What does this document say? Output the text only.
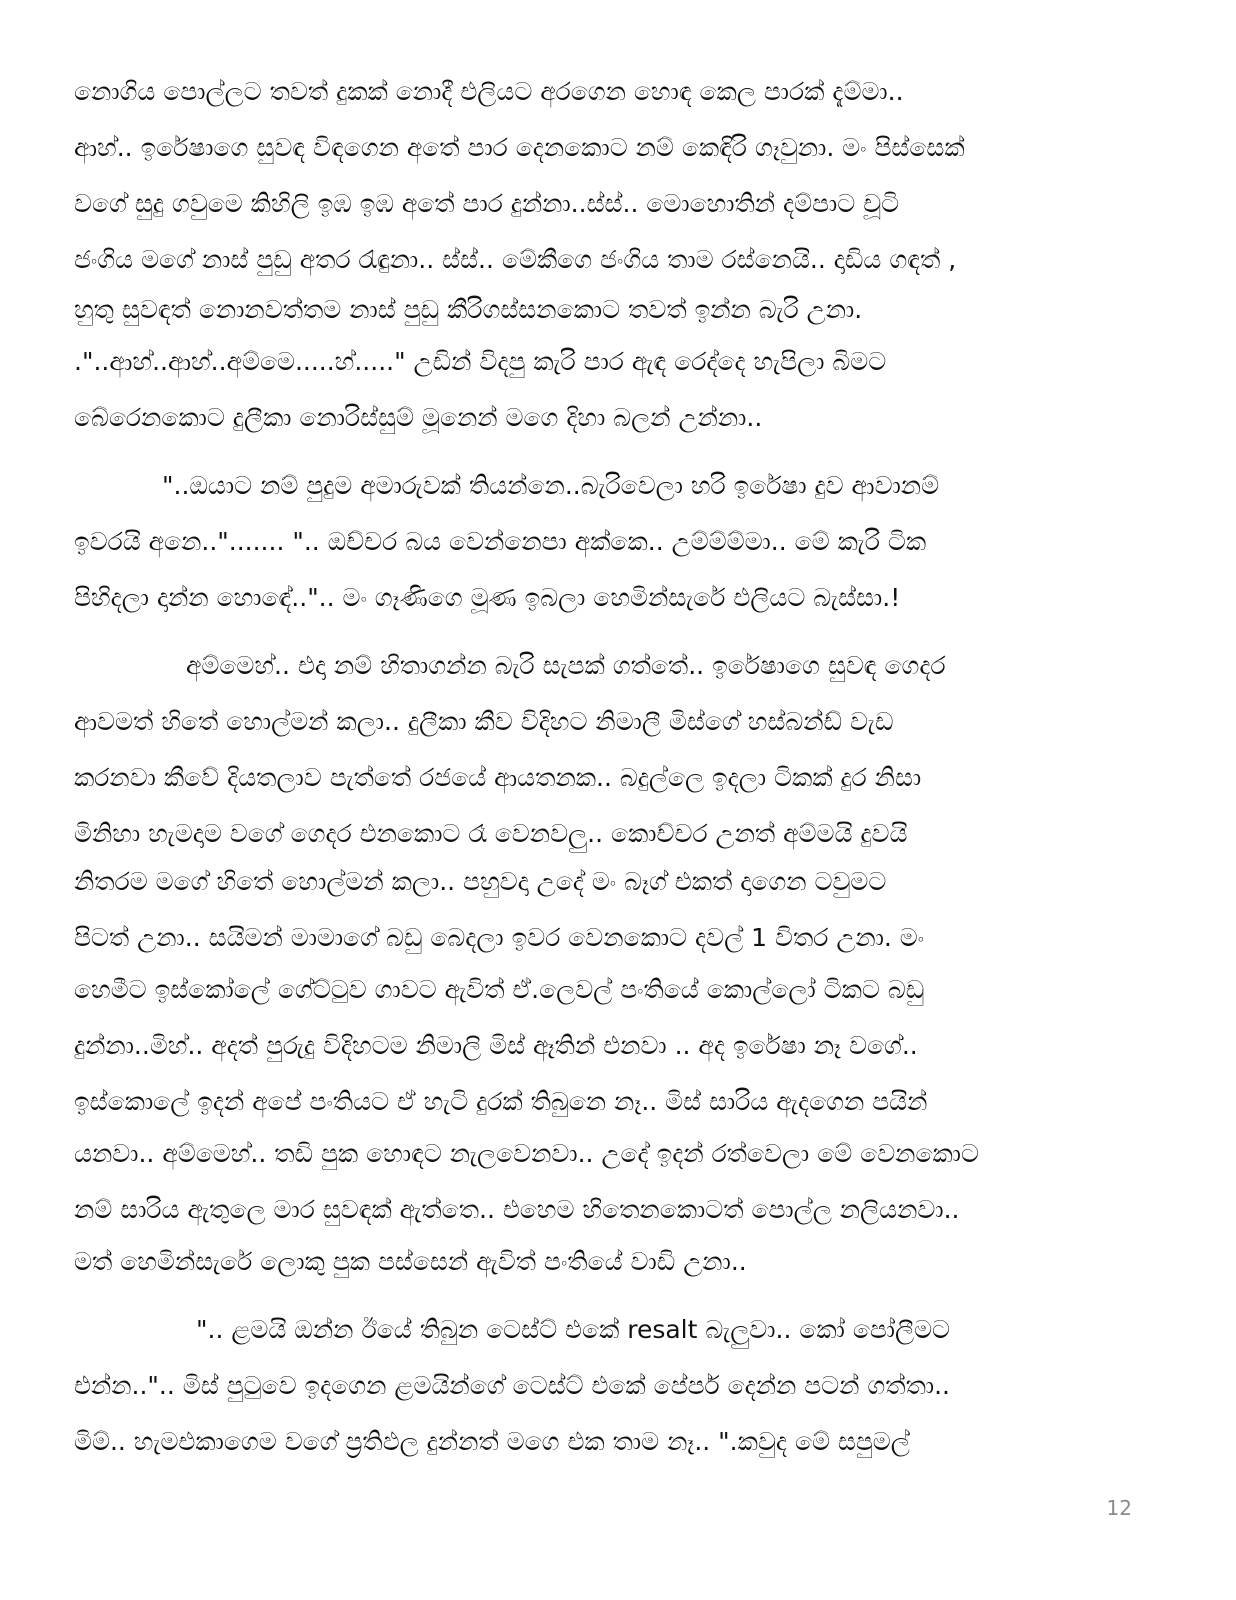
නොගිය පොල්ලට තවත් දුකක් නොදී එලියට අරගෙන හොඳ කෙල පාරක් දැම්මා..
ආහ්.. ඉරේෂාගෙ සුවඳ විඳගෙන අතේ පාර දෙනකොට නම් කෙඳිරි ගෑවුනා. මං පිස්සෙක්
වගේ සුදු ගවුමෙ කිහිලි ඉඹ ඉඹ අතේ පාර දුන්නා..ස්ස්.. මොහොතින් දම්පාට චූටි
ජංගිය මගේ නාස් පුඩු අතර රැඳුනා.. ස්ස්.. මේකීගෙ ජංගිය තාම රස්නෙයි.. දාඩිය ගඳත් ,
හුතු සුවඳත් නොනවත්තම නාස් පුඩු කීරිගස්සනකොට තවත් ඉන්න බැරි උනා.
."..ආහ්..ආහ්..අම්මෙ.....හ්....." උඩින් විදපු කැරි පාර ඇඳ රෙද්දෙ හැපිලා බිමට
බේරෙනකොට දුලීකා නොරිස්සුම් මූනෙන් මගෙ දිහා බලන් උන්නා..
"..ඔයාට නම් පුදුම අමාරුවක් තියන්නෙ..බැරිවෙලා හරි ඉරේෂා දුව ආවානම්
ඉවරයි අනෙ.."....... ".. ඔච්චර බය වෙන්නෙපා අක්කෙ.. උම්ම්ම්මා.. මේ කැරි ටික
පිහිදලා දාන්න හොඳේ..".. මං ගෑණිගෙ මූණ ඉබලා හෙමින්සැරේ එලියට බැස්සා.!
අම්මෙහ්.. එදා නම් හිතාගන්න බැරි සැපක් ගත්තේ.. ඉරේෂාගෙ සුවඳ ගෙදර
ආවමත් හිතේ හොල්මන් කලා.. දුලීකා කීව විදිහට නිමාලී මිස්ගේ හස්බන්ඩ් වැඩ
කරනවා කීවේ දියතලාව පැත්තේ රජයේ ආයතනක.. බදුල්ලෙ ඉදලා ටිකක් දුර නිසා
මිනිහා හැමදාම වගේ ගෙදර එනකොට රෑ වෙනවලු.. කොච්චර උනත් අම්මයි දුවයි
නිතරම මගේ හිතේ හොල්මන් කලා.. පහුවදා උදේ මං බෑග් එකත් දාගෙන ටවුමට
පිටත් උනා.. සයිමන් මාමාගේ බඩු බෙදලා ඉවර වෙනකොට දවල් 1 විතර උනා. මං
හෙමීට ඉස්කෝලේ ගේට්ටුව ගාවට ඇවිත් ඒ.ලෙවල් පංතියේ කොල්ලෝ ටිකට බඩු
දුන්නා..මිහ්.. අදත් පුරුදු විදිහටම නිමාලි මිස් ඈතින් එනවා .. අද ඉරේෂා නෑ වගේ..
ඉස්කොලේ ඉදන් අපේ පංතියට ඒ හැටි දුරක් තිබුනෙ නෑ.. මිස් සාරිය ඇදගෙන පයින්
යනවා.. අම්මෙහ්.. තඩි පුක හොඳට නැලවෙනවා.. උදේ ඉදන් රත්වෙලා මේ වෙනකොට
නම් සාරිය ඇතුලෙ මාර සුවඳක් ඇත්තෙ.. එහෙම හිතෙනකොටත් පොල්ල නලියනවා..
මත් හෙමින්සැරේ ලොකු පුක පස්සෙන් ඇවිත් පංතියේ වාඩි උනා..
".. ළමයි ඔන්න ඊයේ තිබුන ටෙස්ට් එකේ resalt බැලුවා.. කෝ පෝලීමට
එන්න..".. මිස් පුටුවෙ ඉදගෙන ළමයින්ගේ ටෙස්ට් එකේ පේපර් දෙන්න පටන් ගත්තා..
මිම්.. හැමඑකාගෙම වගේ ප්‍රතිඵල දුන්නත් මගෙ එක තාම නෑ.. ".කවුද මේ සපුමල්
12
